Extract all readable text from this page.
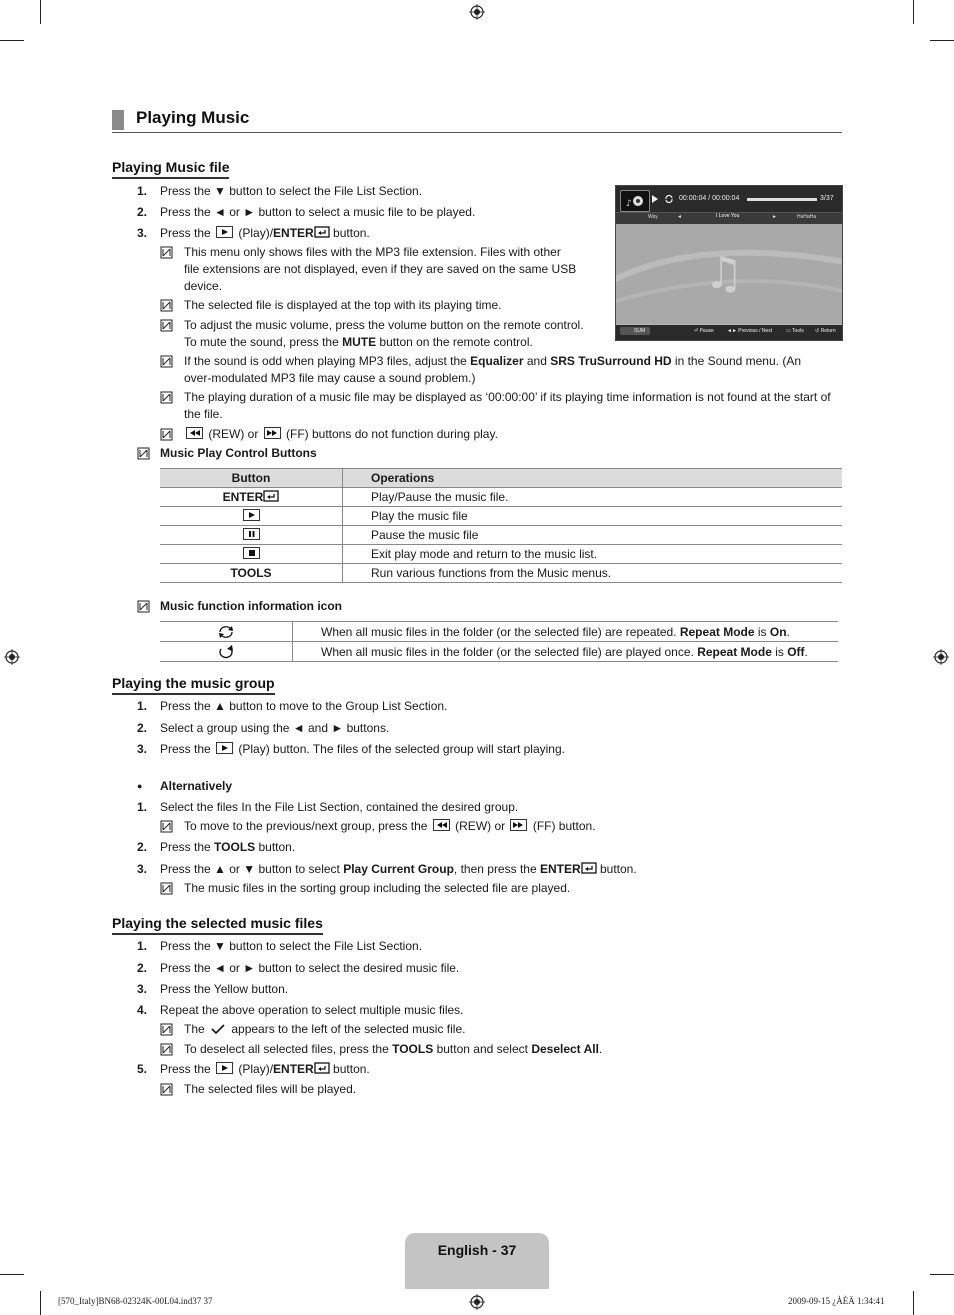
Playing Music
Playing Music file
1. Press the ▼ button to select the File List Section.
2. Press the ◄ or ► button to select a music file to be played.
3. Press the
(Play)/ENTER button.
This menu only shows files with the MP3 file extension. Files with other
file extensions are not displayed, even if they are saved on the same USB
device.
The selected file is displayed at the top with its playing time.
To adjust the music volume, press the volume button on the remote control.
To mute the sound, press the MUTE button on the remote control.
If the sound is odd when playing MP3 files, adjust the Equalizer and SRS TruSurround HD in the Sound menu. (An
over-modulated MP3 file may cause a sound problem.)
The playing duration of a music file may be displayed as ‘00:00:00’ if its playing time information is not found at the start of
the file.
(REW) or
(FF) buttons do not function during play.
♪
00:00:04 / 00:00:04	3/37
Way	◄	I Love You	►	HaHaHa
♫
SUM	⏎ Pause	◄► Previous / Next	▭ Tools ↺ Return
Music Play Control Buttons
Button	Operations
ENTER	Play/Pause the music file.

	Play the music file

	Pause the music file

	Exit play mode and return to the music list.
TOOLS	Run various functions from the Music menus.
Music function information icon
	When all music files in the folder (or the selected file) are repeated. Repeat Mode is On.
	When all music files in the folder (or the selected file) are played once. Repeat Mode is Off.
Playing the music group
1. Press the ▲ button to move to the Group List Section.
2. Select a group using the ◄ and ► buttons.
3. Press the
(Play) button. The files of the selected group will start playing.
● Alternatively
1. Select the files In the File List Section, contained the desired group.
To move to the previous/next group, press the
(REW) or
(FF) button.
2. Press the TOOLS button.
3. Press the ▲ or ▼ button to select Play Current Group, then press the ENTER button.
The music files in the sorting group including the selected file are played.
Playing the selected music files
1. Press the ▼ button to select the File List Section.
2. Press the ◄ or ► button to select the desired music file.
3. Press the Yellow button.
4. Repeat the above operation to select multiple music files.
The  appears to the left of the selected music file.
To deselect all selected files, press the TOOLS button and select Deselect All.
5. Press the
(Play)/ENTER button.
The selected files will be played.
English - 37
[570_Italy]BN68-02324K-00L04.ind37 37	2009-09-15 ¿ÀÈÄ 1:34:41
